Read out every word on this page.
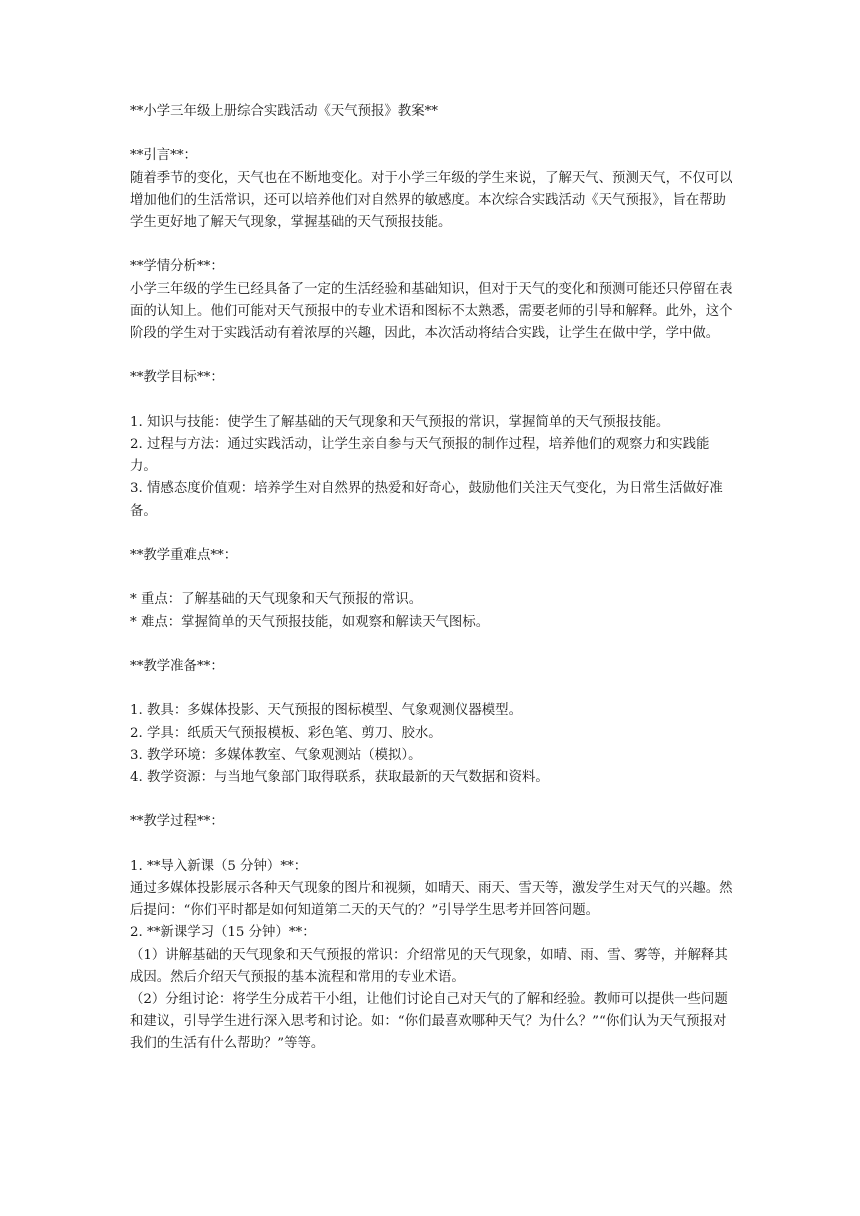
**小学三年级上册综合实践活动《天气预报》教案**

**引言**：

随着季节的变化，天气也在不断地变化。对于小学三年级的学生来说，了解天气、预测天气，不仅可以增加他们的生活常识，还可以培养他们对自然界的敏感度。本次综合实践活动《天气预报》，旨在帮助学生更好地了解天气现象，掌握基础的天气预报技能。

**学情分析**：

小学三年级的学生已经具备了一定的生活经验和基础知识，但对于天气的变化和预测可能还只停留在表面的认知上。他们可能对天气预报中的专业术语和图标不太熟悉，需要老师的引导和解释。此外，这个阶段的学生对于实践活动有着浓厚的兴趣，因此，本次活动将结合实践，让学生在做中学，学中做。

**教学目标**：

1. 知识与技能：使学生了解基础的天气现象和天气预报的常识，掌握简单的天气预报技能。

2. 过程与方法：通过实践活动，让学生亲自参与天气预报的制作过程，培养他们的观察力和实践能力。

3. 情感态度价值观：培养学生对自然界的热爱和好奇心，鼓励他们关注天气变化，为日常生活做好准备。

**教学重难点**：

* 重点：了解基础的天气现象和天气预报的常识。

* 难点：掌握简单的天气预报技能，如观察和解读天气图标。

**教学准备**：

1. 教具：多媒体投影、天气预报的图标模型、气象观测仪器模型。

2. 学具：纸质天气预报模板、彩色笔、剪刀、胶水。

3. 教学环境：多媒体教室、气象观测站（模拟）。

4. 教学资源：与当地气象部门取得联系，获取最新的天气数据和资料。

**教学过程**：

1. **导入新课（5 分钟）**：

通过多媒体投影展示各种天气现象的图片和视频，如晴天、雨天、雪天等，激发学生对天气的兴趣。然后提问：“你们平时都是如何知道第二天的天气的？”引导学生思考并回答问题。

2. **新课学习（15 分钟）**：

（1）讲解基础的天气现象和天气预报的常识：介绍常见的天气现象，如晴、雨、雪、雾等，并解释其成因。然后介绍天气预报的基本流程和常用的专业术语。

（2）分组讨论：将学生分成若干小组，让他们讨论自己对天气的了解和经验。教师可以提供一些问题和建议，引导学生进行深入思考和讨论。如：“你们最喜欢哪种天气？为什么？”“你们认为天气预报对我们的生活有什么帮助？”等等。
